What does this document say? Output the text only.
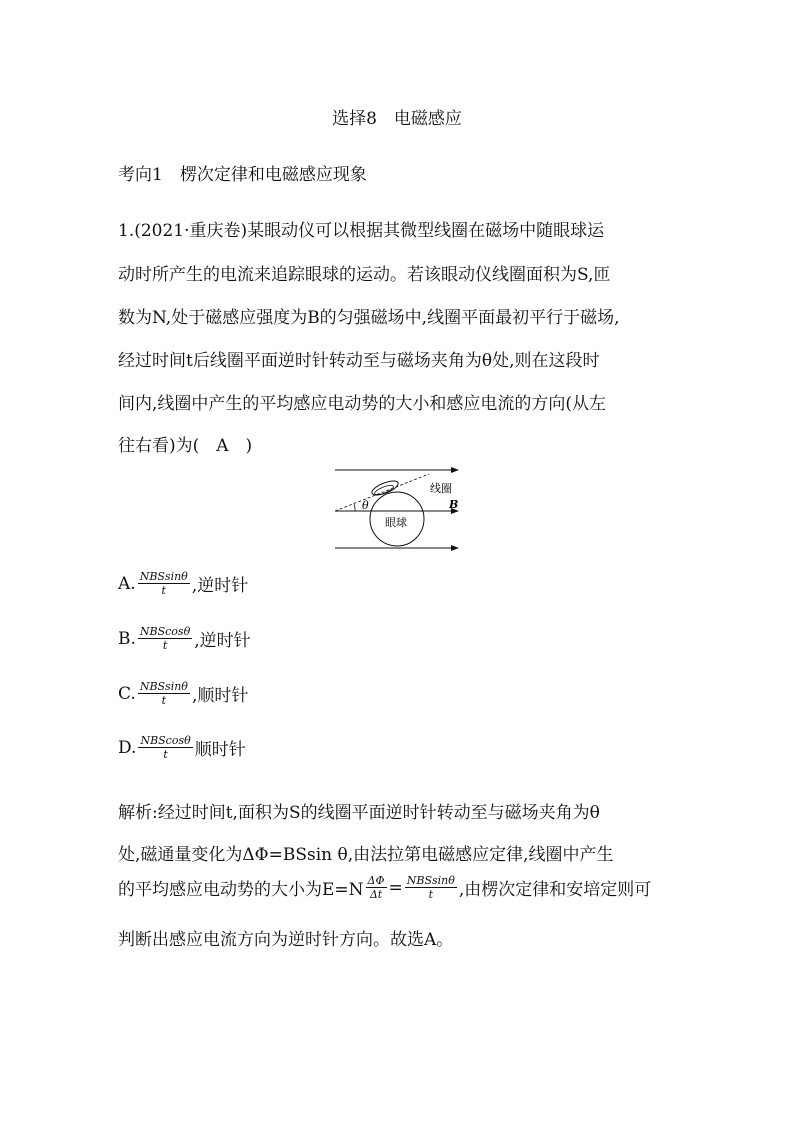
选择8　电磁感应
考向1　楞次定律和电磁感应现象
1.(2021·重庆卷)某眼动仪可以根据其微型线圈在磁场中随眼球运
动时所产生的电流来追踪眼球的运动。若该眼动仪线圈面积为S,匝
数为N,处于磁感应强度为B的匀强磁场中,线圈平面最初平行于磁场,
经过时间t后线圈平面逆时针转动至与磁场夹角为θ处,则在这段时
间内,线圈中产生的平均感应电动势的大小和感应电流的方向(从左
往右看)为(　A　)
θ
线圈
B
眼球
A. $\frac{\text{NBSsinθ}}{t}$ ,逆时针
B. $\frac{\text{NBScosθ}}{t}$ ,逆时针
C. $\frac{\text{NBSsinθ}}{t}$ ,顺时针
D. $\frac{\text{NBScosθ}}{t}$ 顺时针
解析:经过时间t,面积为S的线圈平面逆时针转动至与磁场夹角为θ
处,磁通量变化为ΔΦ=BSsin θ,由法拉第电磁感应定律,线圈中产生
的平均感应电动势的大小为$E=N \frac{\Delta\Phi}{\Delta t} = \frac{\text{NBSsinθ}}{t}$ ,由楞次定律和安培定则可
判断出感应电流方向为逆时针方向。故选A。
